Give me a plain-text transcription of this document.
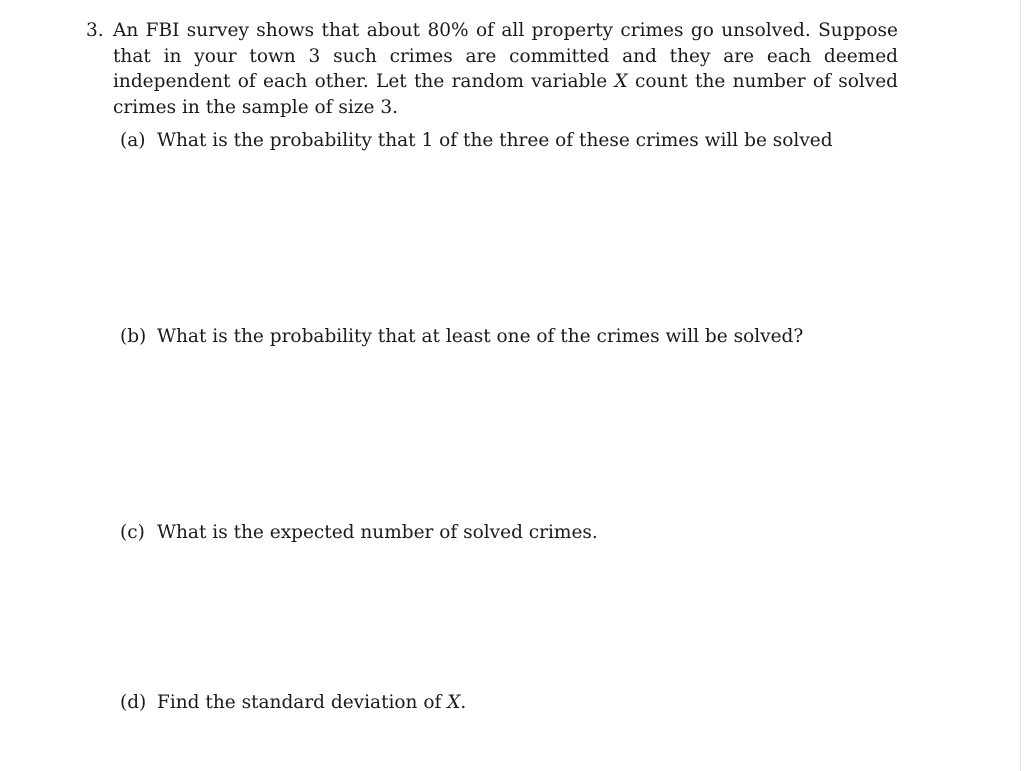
3. An FBI survey shows that about 80% of all property crimes go unsolved. Suppose that in your town 3 such crimes are committed and they are each deemed independent of each other. Let the random variable X count the number of solved crimes in the sample of size 3.
(a) What is the probability that 1 of the three of these crimes will be solved
(b) What is the probability that at least one of the crimes will be solved?
(c) What is the expected number of solved crimes.
(d) Find the standard deviation of X.
